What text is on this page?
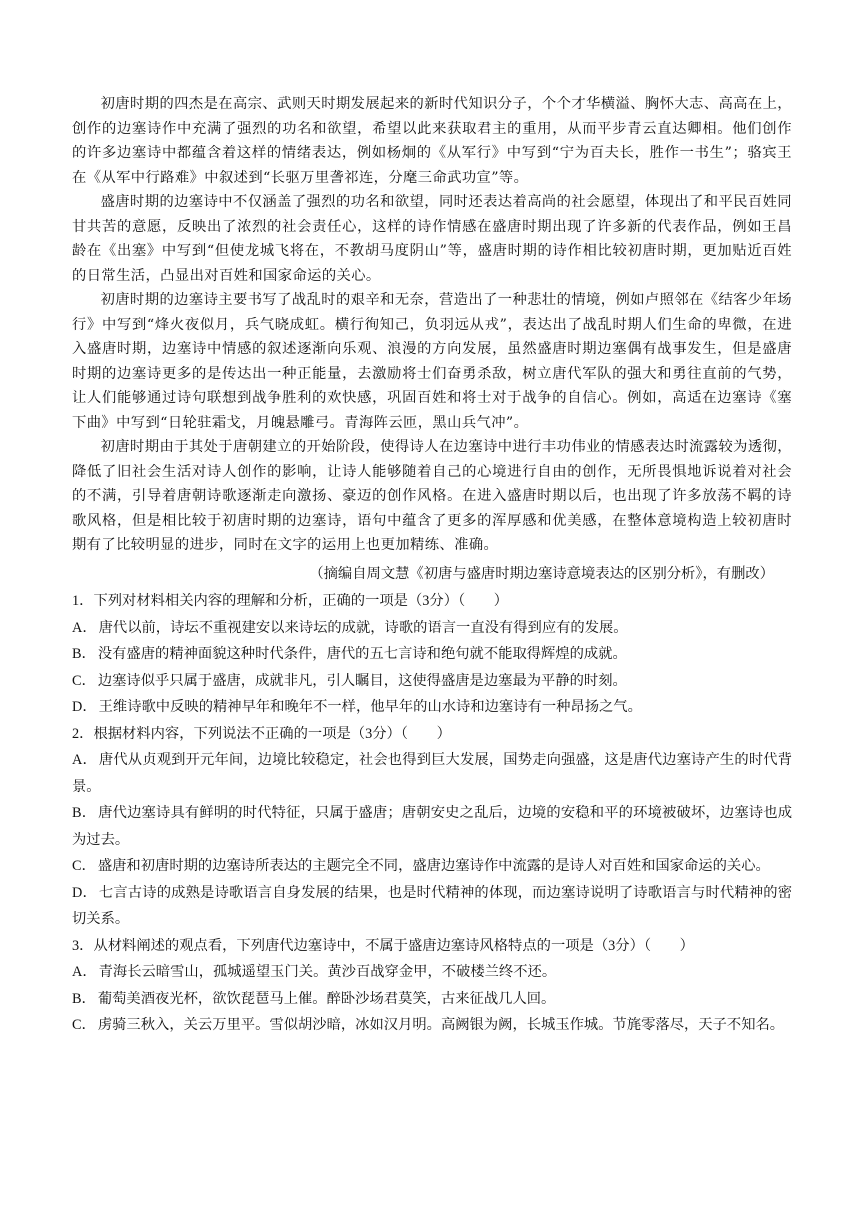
初唐时期的四杰是在高宗、武则天时期发展起来的新时代知识分子，个个才华横溢、胸怀大志、高高在上，创作的边塞诗作中充满了强烈的功名和欲望，希望以此来获取君主的重用，从而平步青云直达卿相。他们创作的许多边塞诗中都蕴含着这样的情绪表达，例如杨炯的《从军行》中写到“宁为百夫长，胜作一书生”；骆宾王在《从军中行路难》中叙述到“长驱万里詟祁连，分麾三命武功宣”等。

盛唐时期的边塞诗中不仅涵盖了强烈的功名和欲望，同时还表达着高尚的社会愿望，体现出了和平民百姓同甘共苦的意愿，反映出了浓烈的社会责任心，这样的诗作情感在盛唐时期出现了许多新的代表作品，例如王昌龄在《出塞》中写到“但使龙城飞将在，不教胡马度阴山”等，盛唐时期的诗作相比较初唐时期，更加贴近百姓的日常生活，凸显出对百姓和国家命运的关心。

初唐时期的边塞诗主要书写了战乱时的艰辛和无奈，营造出了一种悲壮的情境，例如卢照邻在《结客少年场行》中写到“烽火夜似月，兵气晓成虹。横行徇知己，负羽远从戎”，表达出了战乱时期人们生命的卑微，在进入盛唐时期，边塞诗中情感的叙述逐渐向乐观、浪漫的方向发展，虽然盛唐时期边塞偶有战事发生，但是盛唐时期的边塞诗更多的是传达出一种正能量，去激励将士们奋勇杀敌，树立唐代军队的强大和勇往直前的气势，让人们能够通过诗句联想到战争胜利的欢快感，巩固百姓和将士对于战争的自信心。例如，高适在边塞诗《塞下曲》中写到“日轮驻霜戈，月魄悬雕弓。青海阵云匝，黑山兵气冲”。

初唐时期由于其处于唐朝建立的开始阶段，使得诗人在边塞诗中进行丰功伟业的情感表达时流露较为透彻，降低了旧社会生活对诗人创作的影响，让诗人能够随着自己的心境进行自由的创作，无所畏惧地诉说着对社会的不满，引导着唐朝诗歌逐渐走向激扬、豪迈的创作风格。在进入盛唐时期以后，也出现了许多放荡不羁的诗歌风格，但是相比较于初唐时期的边塞诗，语句中蕴含了更多的浑厚感和优美感，在整体意境构造上较初唐时期有了比较明显的进步，同时在文字的运用上也更加精练、准确。

（摘编自周文慧《初唐与盛唐时期边塞诗意境表达的区别分析》，有删改）

1．下列对材料相关内容的理解和分析，正确的一项是（3分）（　　）

A． 唐代以前，诗坛不重视建安以来诗坛的成就，诗歌的语言一直没有得到应有的发展。

B． 没有盛唐的精神面貌这种时代条件，唐代的五七言诗和绝句就不能取得辉煌的成就。

C． 边塞诗似乎只属于盛唐，成就非凡，引人瞩目，这使得盛唐是边塞最为平静的时刻。

D． 王维诗歌中反映的精神早年和晚年不一样，他早年的山水诗和边塞诗有一种昂扬之气。

2．根据材料内容，下列说法不正确的一项是（3分）（　　）

A． 唐代从贞观到开元年间，边境比较稳定，社会也得到巨大发展，国势走向强盛，这是唐代边塞诗产生的时代背景。

B． 唐代边塞诗具有鲜明的时代特征，只属于盛唐；唐朝安史之乱后，边境的安稳和平的环境被破坏，边塞诗也成为过去。

C． 盛唐和初唐时期的边塞诗所表达的主题完全不同，盛唐边塞诗作中流露的是诗人对百姓和国家命运的关心。

D． 七言古诗的成熟是诗歌语言自身发展的结果，也是时代精神的体现，而边塞诗说明了诗歌语言与时代精神的密切关系。

3．从材料阐述的观点看，下列唐代边塞诗中，不属于盛唐边塞诗风格特点的一项是（3分）（　　）

A． 青海长云暗雪山，孤城遥望玉门关。黄沙百战穿金甲，不破楼兰终不还。

B． 葡萄美酒夜光杯，欲饮琵琶马上催。醉卧沙场君莫笑，古来征战几人回。

C． 虏骑三秋入，关云万里平。雪似胡沙暗，冰如汉月明。高阙银为阙，长城玉作城。节旄零落尽，天子不知名。
